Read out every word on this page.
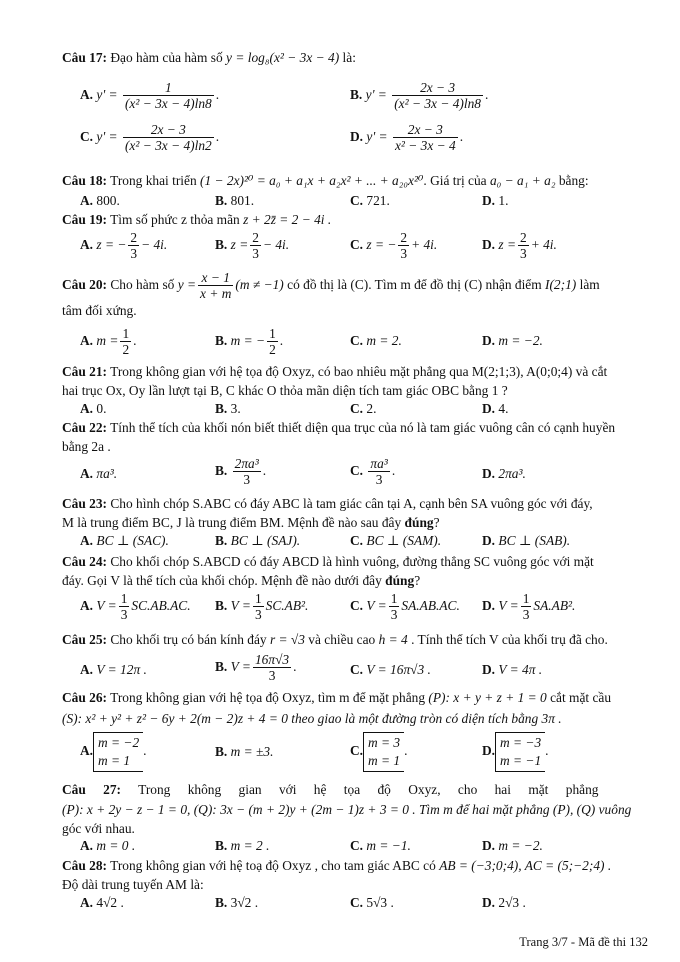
Câu 17: Đạo hàm của hàm số y = log₈(x² − 3x − 4) là:
A. $y' = \frac{1}{\text{(x² − 3x − 4)ln8}}$ .	B. $y' = \frac{2x - 3}{\text{(x² − 3x − 4)ln8}}$ .
C. $y' = \frac{2x - 3}{\text{(x² − 3x − 4)ln2}}$ .	D. $y' = \frac{2x - 3}{\text{x² − 3x − 4}}$ .
Câu 18: Trong khai triển (1 − 2x)²⁰ = a₀ + a₁x + a₂x² + ... + a₂₀x²⁰. Giá trị của a₀ − a₁ + a₂ bằng:
A. 800.	B. 801.	C. 721.	D. 1.
Câu 19: Tìm số phức z thỏa mãn z + 2z̄ = 2 − 4i .
A. z = − $\frac{2}{3} - 4i$.	B. $z = \frac{2}{3} - 4i$.	C. z = − $\frac{2}{3} + 4i$.	D. $z = \frac{2}{3} + 4i$.
Câu 20: Cho hàm số $y = \frac{x - 1}{x + m} (m \ne -1)$ có đồ thị là (C). Tìm m để đồ thị (C) nhận điểm I(2;1) làm
tâm đối xứng.
A. $m = \frac{1}{2}$ .	B. m = − $\frac{1}{2}$ .	C. m = 2.	D. m = −2.
Câu 21: Trong không gian với hệ tọa độ Oxyz, có bao nhiêu mặt phẳng qua M(2;1;3), A(0;0;4) và cắt
hai trục Ox, Oy lần lượt tại B, C khác O thỏa mãn diện tích tam giác OBC bằng 1 ?
A. 0.	B. 3.	C. 2.	D. 4.
Câu 22: Tính thể tích của khối nón biết thiết diện qua trục của nó là tam giác vuông cân có cạnh huyền
bằng 2a .
A. πa³.	B. $\frac{\text{2πa³}}{3}$ .	C. $\frac{\text{πa³}}{3}$ .	D. 2πa³.
Câu 23: Cho hình chóp S.ABC có đáy ABC là tam giác cân tại A, cạnh bên SA vuông góc với đáy,
M là trung điểm BC, J là trung điểm BM. Mệnh đề nào sau đây đúng?
A. BC ⊥ (SAC).	B. BC ⊥ (SAJ).	C. BC ⊥ (SAM).	D. BC ⊥ (SAB).
Câu 24: Cho khối chóp S.ABCD có đáy ABCD là hình vuông, đường thẳng SC vuông góc với mặt
đáy. Gọi V là thể tích của khối chóp. Mệnh đề nào dưới đây đúng?
A. $V = \frac{1}{3} SC.AB.AC$. B. $V = \frac{1}{3} SC.AB^2$.	C. $V = \frac{1}{3} SA.AB.AC$. D. $V = \frac{1}{3} SA.AB^2$.
Câu 25: Cho khối trụ có bán kính đáy r = √3 và chiều cao h = 4 . Tính thể tích V của khối trụ đã cho.
A. V = 12π .	B. $V = \frac{16\pi√3}{3}$ .	C. V = 16π√3 .	D. V = 4π .
Câu 26: Trong không gian với hệ tọa độ Oxyz, tìm m để mặt phẳng (P): x + y + z + 1 = 0 cắt mặt cầu
(S): x² + y² + z² − 6y + 2(m − 2)z + 4 = 0 theo giao là một đường tròn có diện tích bằng 3π .
A.
m = −2
m = 1
.	B. m = ±3.	C.
m = 3
m = 1
.	D.
m = −3
m = −1
.
Câu 27: Trong không gian với hệ tọa độ Oxyz, cho hai mặt phẳng
(P): x + 2y − z − 1 = 0, (Q): 3x − (m + 2)y + (2m − 1)z + 3 = 0 . Tìm m để hai mặt phẳng (P), (Q) vuông
góc với nhau.
A. m = 0 .	B. m = 2 .	C. m = −1.	D. m = −2.
Câu 28: Trong không gian với hệ toạ độ Oxyz , cho tam giác ABC có AB = (−3;0;4), AC = (5;−2;4) .
Độ dài trung tuyến AM là:
A. 4√2 .	B. 3√2 .	C. 5√3 .	D. 2√3 .
Trang 3/7 - Mã đề thi 132
